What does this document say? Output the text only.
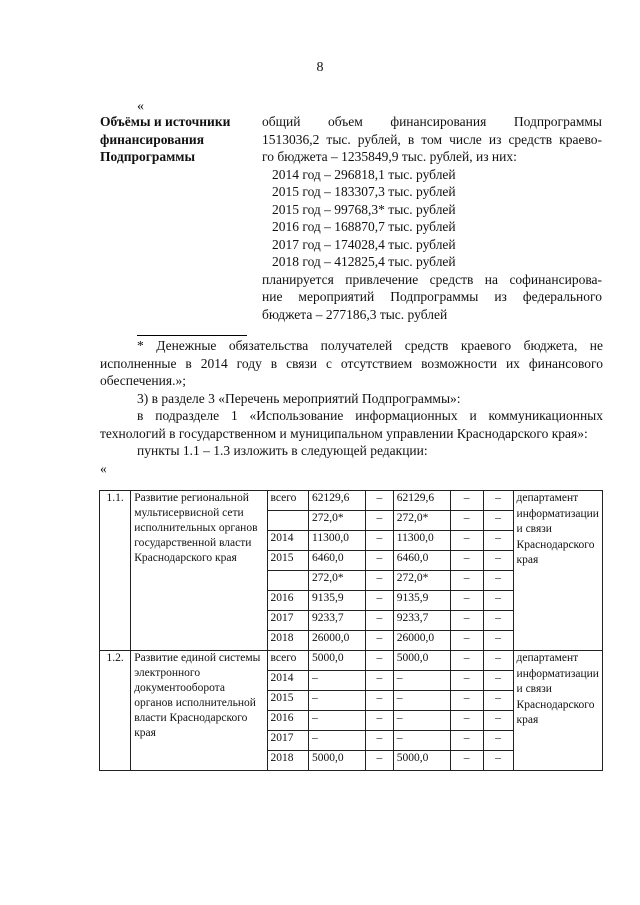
8
«
Объёмы и источники
финансирования
Подпрограммы
общий объем финансирования Подпрограммы
1513036,2 тыс. рублей, в том числе из средств краево-
го бюджета – 1235849,9 тыс. рублей, из них:
2014 год – 296818,1 тыс. рублей
2015 год – 183307,3 тыс. рублей
2015 год – 99768,3* тыс. рублей
2016 год – 168870,7 тыс. рублей
2017 год – 174028,4 тыс. рублей
2018 год – 412825,4 тыс. рублей
планируется привлечение средств на софинансирова-
ние мероприятий Подпрограммы из федерального
бюджета – 277186,3 тыс. рублей
* Денежные обязательства получателей средств краевого бюджета, не исполненные в 2014 году в связи с отсутствием возможности их финансового обеспечения.»;
3) в разделе 3 «Перечень мероприятий Подпрограммы»:
в подразделе 1 «Использование информационных и коммуникационных технологий в государственном и муниципальном управлении Краснодарского края»:
пункты 1.1 – 1.3 изложить в следующей редакции:
«
1.1.	Развитие региональной мультисервисной сети исполнительных органов государственной власти Краснодарского края	всего	62129,6	–	62129,6	–	–	департамент информатизации и связи Краснодарского края
			272,0*	–	272,0*	–	–	
		2014	11300,0	–	11300,0	–	–	
		2015	6460,0	–	6460,0	–	–	
			272,0*	–	272,0*	–	–	
		2016	9135,9	–	9135,9	–	–	
		2017	9233,7	–	9233,7	–	–	
		2018	26000,0	–	26000,0	–	–	
1.2.	Развитие единой системы электронного документооборота органов исполнительной власти Краснодарского края	всего	5000,0	–	5000,0	–	–	департамент информатизации и связи Краснодарского края
		2014	–	–	–	–	–	
		2015	–	–	–	–	–	
		2016	–	–	–	–	–	
		2017	–	–	–	–	–	
		2018	5000,0	–	5000,0	–	–	
